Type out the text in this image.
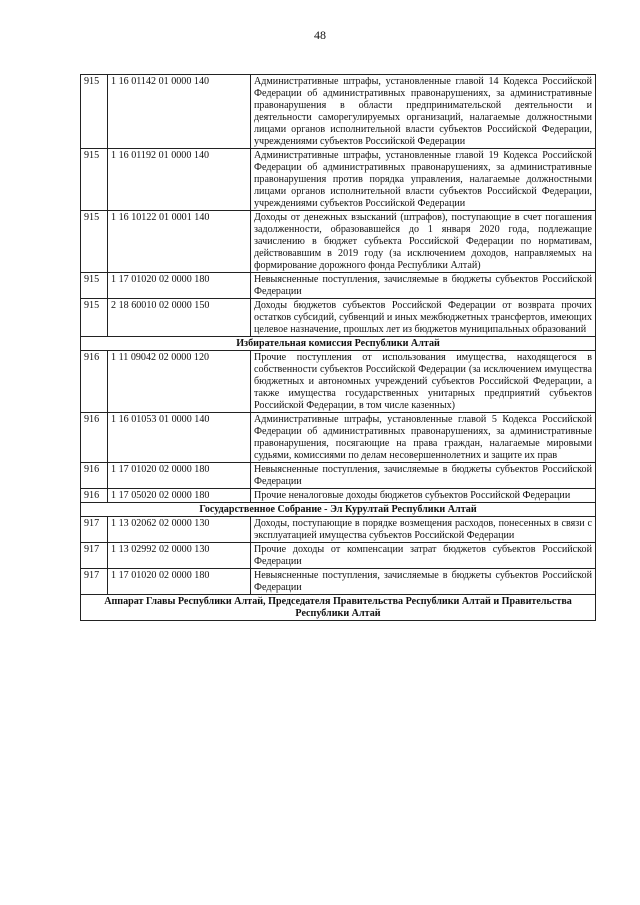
48
915	1 16 01142 01 0000 140	Административные штрафы, установленные главой 14 Кодекса Российской Федерации об административных правонарушениях, за административные правонарушения в области предпринимательской деятельности и деятельности саморегулируемых организаций, налагаемые должностными лицами органов исполнительной власти субъектов Российской Федерации, учреждениями субъектов Российской Федерации
915	1 16 01192 01 0000 140	Административные штрафы, установленные главой 19 Кодекса Российской Федерации об административных правонарушениях, за административные правонарушения против порядка управления, налагаемые должностными лицами органов исполнительной власти субъектов Российской Федерации, учреждениями субъектов Российской Федерации
915	1 16 10122 01 0001 140	Доходы от денежных взысканий (штрафов), поступающие в счет погашения задолженности, образовавшейся до 1 января 2020 года, подлежащие зачислению в бюджет субъекта Российской Федерации по нормативам, действовавшим в 2019 году (за исключением доходов, направляемых на формирование дорожного фонда Республики Алтай)
915	1 17 01020 02 0000 180	Невыясненные поступления, зачисляемые в бюджеты субъектов Российской Федерации
915	2 18 60010 02 0000 150	Доходы бюджетов субъектов Российской Федерации от возврата прочих остатков субсидий, субвенций и иных межбюджетных трансфертов, имеющих целевое назначение, прошлых лет из бюджетов муниципальных образований
Избирательная комиссия Республики Алтай		
916	1 11 09042 02 0000 120	Прочие поступления от использования имущества, находящегося в собственности субъектов Российской Федерации (за исключением имущества бюджетных и автономных учреждений субъектов Российской Федерации, а также имущества государственных унитарных предприятий субъектов Российской Федерации, в том числе казенных)
916	1 16 01053 01 0000 140	Административные штрафы, установленные главой 5 Кодекса Российской Федерации об административных правонарушениях, за административные правонарушения, посягающие на права граждан, налагаемые мировыми судьями, комиссиями по делам несовершеннолетних и защите их прав
916	1 17 01020 02 0000 180	Невыясненные поступления, зачисляемые в бюджеты субъектов Российской Федерации
916	1 17 05020 02 0000 180	Прочие неналоговые доходы бюджетов субъектов Российской Федерации
Государственное Собрание - Эл Курултай Республики Алтай		
917	1 13 02062 02 0000 130	Доходы, поступающие в порядке возмещения расходов, понесенных в связи с эксплуатацией имущества субъектов Российской Федерации
917	1 13 02992 02 0000 130	Прочие доходы от компенсации затрат бюджетов субъектов Российской Федерации
917	1 17 01020 02 0000 180	Невыясненные поступления, зачисляемые в бюджеты субъектов Российской Федерации
Аппарат Главы Республики Алтай, Председателя Правительства Республики Алтай и Правительства Республики Алтай		
